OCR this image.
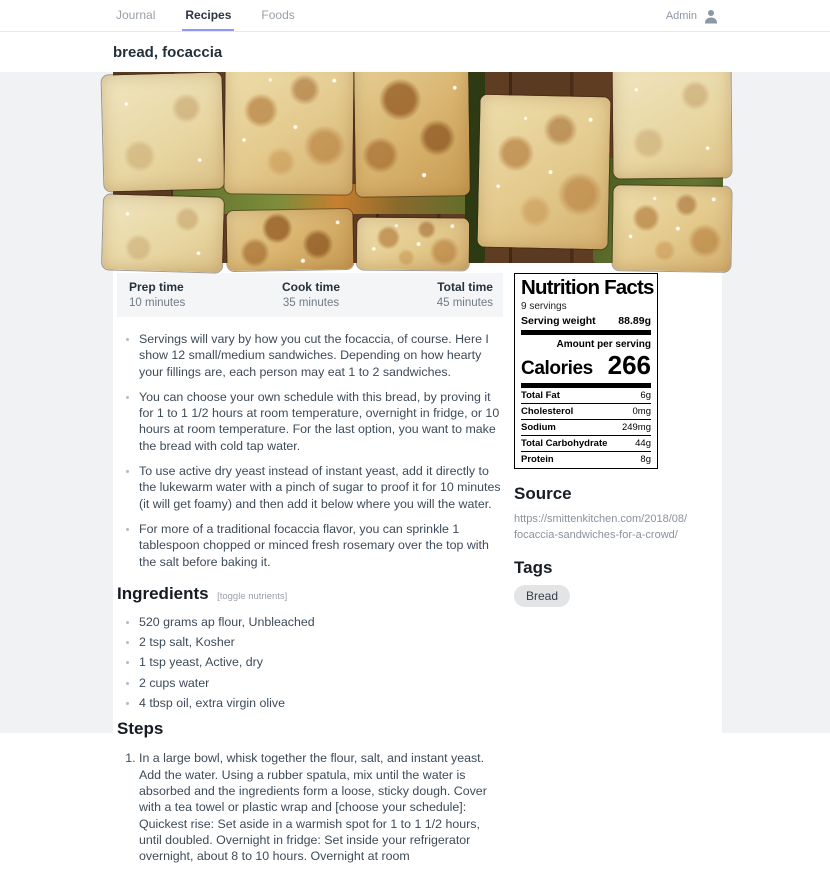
Journal	Recipes	Foods	Admin
bread, focaccia
Prep time
10 minutes
Cook time
35 minutes
Total time
45 minutes
Servings will vary by how you cut the focaccia, of course. Here I show 12 small/medium sandwiches. Depending on how hearty your fillings are, each person may eat 1 to 2 sandwiches.
You can choose your own schedule with this bread, by proving it for 1 to 1 1/2 hours at room temperature, overnight in fridge, or 10 hours at room temperature. For the last option, you want to make the bread with cold tap water.
To use active dry yeast instead of instant yeast, add it directly to the lukewarm water with a pinch of sugar to proof it for 10 minutes (it will get foamy) and then add it below where you will the water.
For more of a traditional focaccia flavor, you can sprinkle 1 tablespoon chopped or minced fresh rosemary over the top with the salt before baking it.
Ingredients [toggle nutrients]
520 grams ap flour, Unbleached
2 tsp salt, Kosher
1 tsp yeast, Active, dry
2 cups water
4 tbsp oil, extra virgin olive
Steps
1. In a large bowl, whisk together the flour, salt, and instant yeast. Add the water. Using a rubber spatula, mix until the water is absorbed and the ingredients form a loose, sticky dough. Cover with a tea towel or plastic wrap and [choose your schedule]: Quickest rise: Set aside in a warmish spot for 1 to 1 1/2 hours, until doubled. Overnight in fridge: Set inside your refrigerator overnight, about 8 to 10 hours. Overnight at room
Nutrition Facts
9 servings
Serving weight 88.89g
Amount per serving
Calories 266
Total Fat	6g
Cholesterol	0mg
Sodium	249mg
Total Carbohydrate	44g
Protein	8g
Source
https://smittenkitchen.com/2018/08/focaccia-sandwiches-for-a-crowd/
Tags
Bread
